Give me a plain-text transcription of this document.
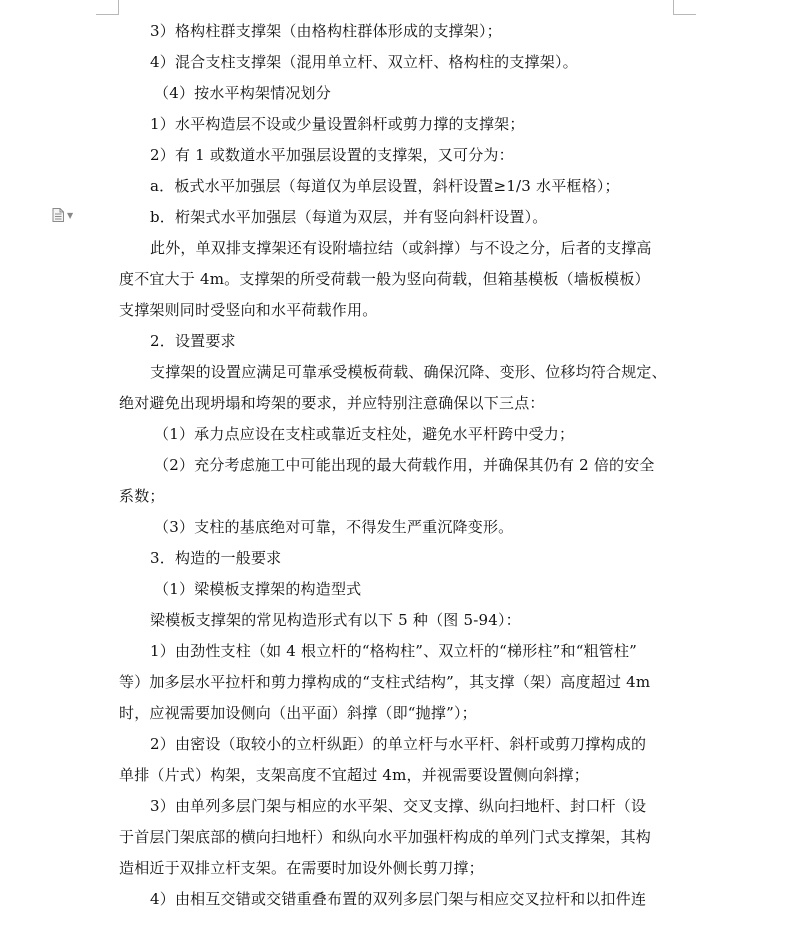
▼
3）格构柱群支撑架（由格构柱群体形成的支撑架）；
4）混合支柱支撑架（混用单立杆、双立杆、格构柱的支撑架）。
（4）按水平构架情况划分
1）水平构造层不设或少量设置斜杆或剪力撑的支撑架；
2）有 1 或数道水平加强层设置的支撑架，又可分为：
a．板式水平加强层（每道仅为单层设置，斜杆设置≥1/3 水平框格）；
b．桁架式水平加强层（每道为双层，并有竖向斜杆设置）。
此外，单双排支撑架还有设附墙拉结（或斜撑）与不设之分，后者的支撑高
度不宜大于 4m。支撑架的所受荷载一般为竖向荷载，但箱基模板（墙板模板）
支撑架则同时受竖向和水平荷载作用。
2．设置要求
支撑架的设置应满足可靠承受模板荷载、确保沉降、变形、位移均符合规定、
绝对避免出现坍塌和垮架的要求，并应特别注意确保以下三点：
（1）承力点应设在支柱或靠近支柱处，避免水平杆跨中受力；
（2）充分考虑施工中可能出现的最大荷载作用，并确保其仍有 2 倍的安全
系数；
（3）支柱的基底绝对可靠，不得发生严重沉降变形。
3．构造的一般要求
（1）梁模板支撑架的构造型式
梁模板支撑架的常见构造形式有以下 5 种（图 5-94）：
1）由劲性支柱（如 4 根立杆的“格构柱”、双立杆的“梯形柱”和“粗管柱”
等）加多层水平拉杆和剪力撑构成的“支柱式结构”，其支撑（架）高度超过 4m
时，应视需要加设侧向（出平面）斜撑（即“抛撑”）；
2）由密设（取较小的立杆纵距）的单立杆与水平杆、斜杆或剪刀撑构成的
单排（片式）构架，支架高度不宜超过 4m，并视需要设置侧向斜撑；
3）由单列多层门架与相应的水平架、交叉支撑、纵向扫地杆、封口杆（设
于首层门架底部的横向扫地杆）和纵向水平加强杆构成的单列门式支撑架，其构
造相近于双排立杆支架。在需要时加设外侧长剪刀撑；
4）由相互交错或交错重叠布置的双列多层门架与相应交叉拉杆和以扣件连
